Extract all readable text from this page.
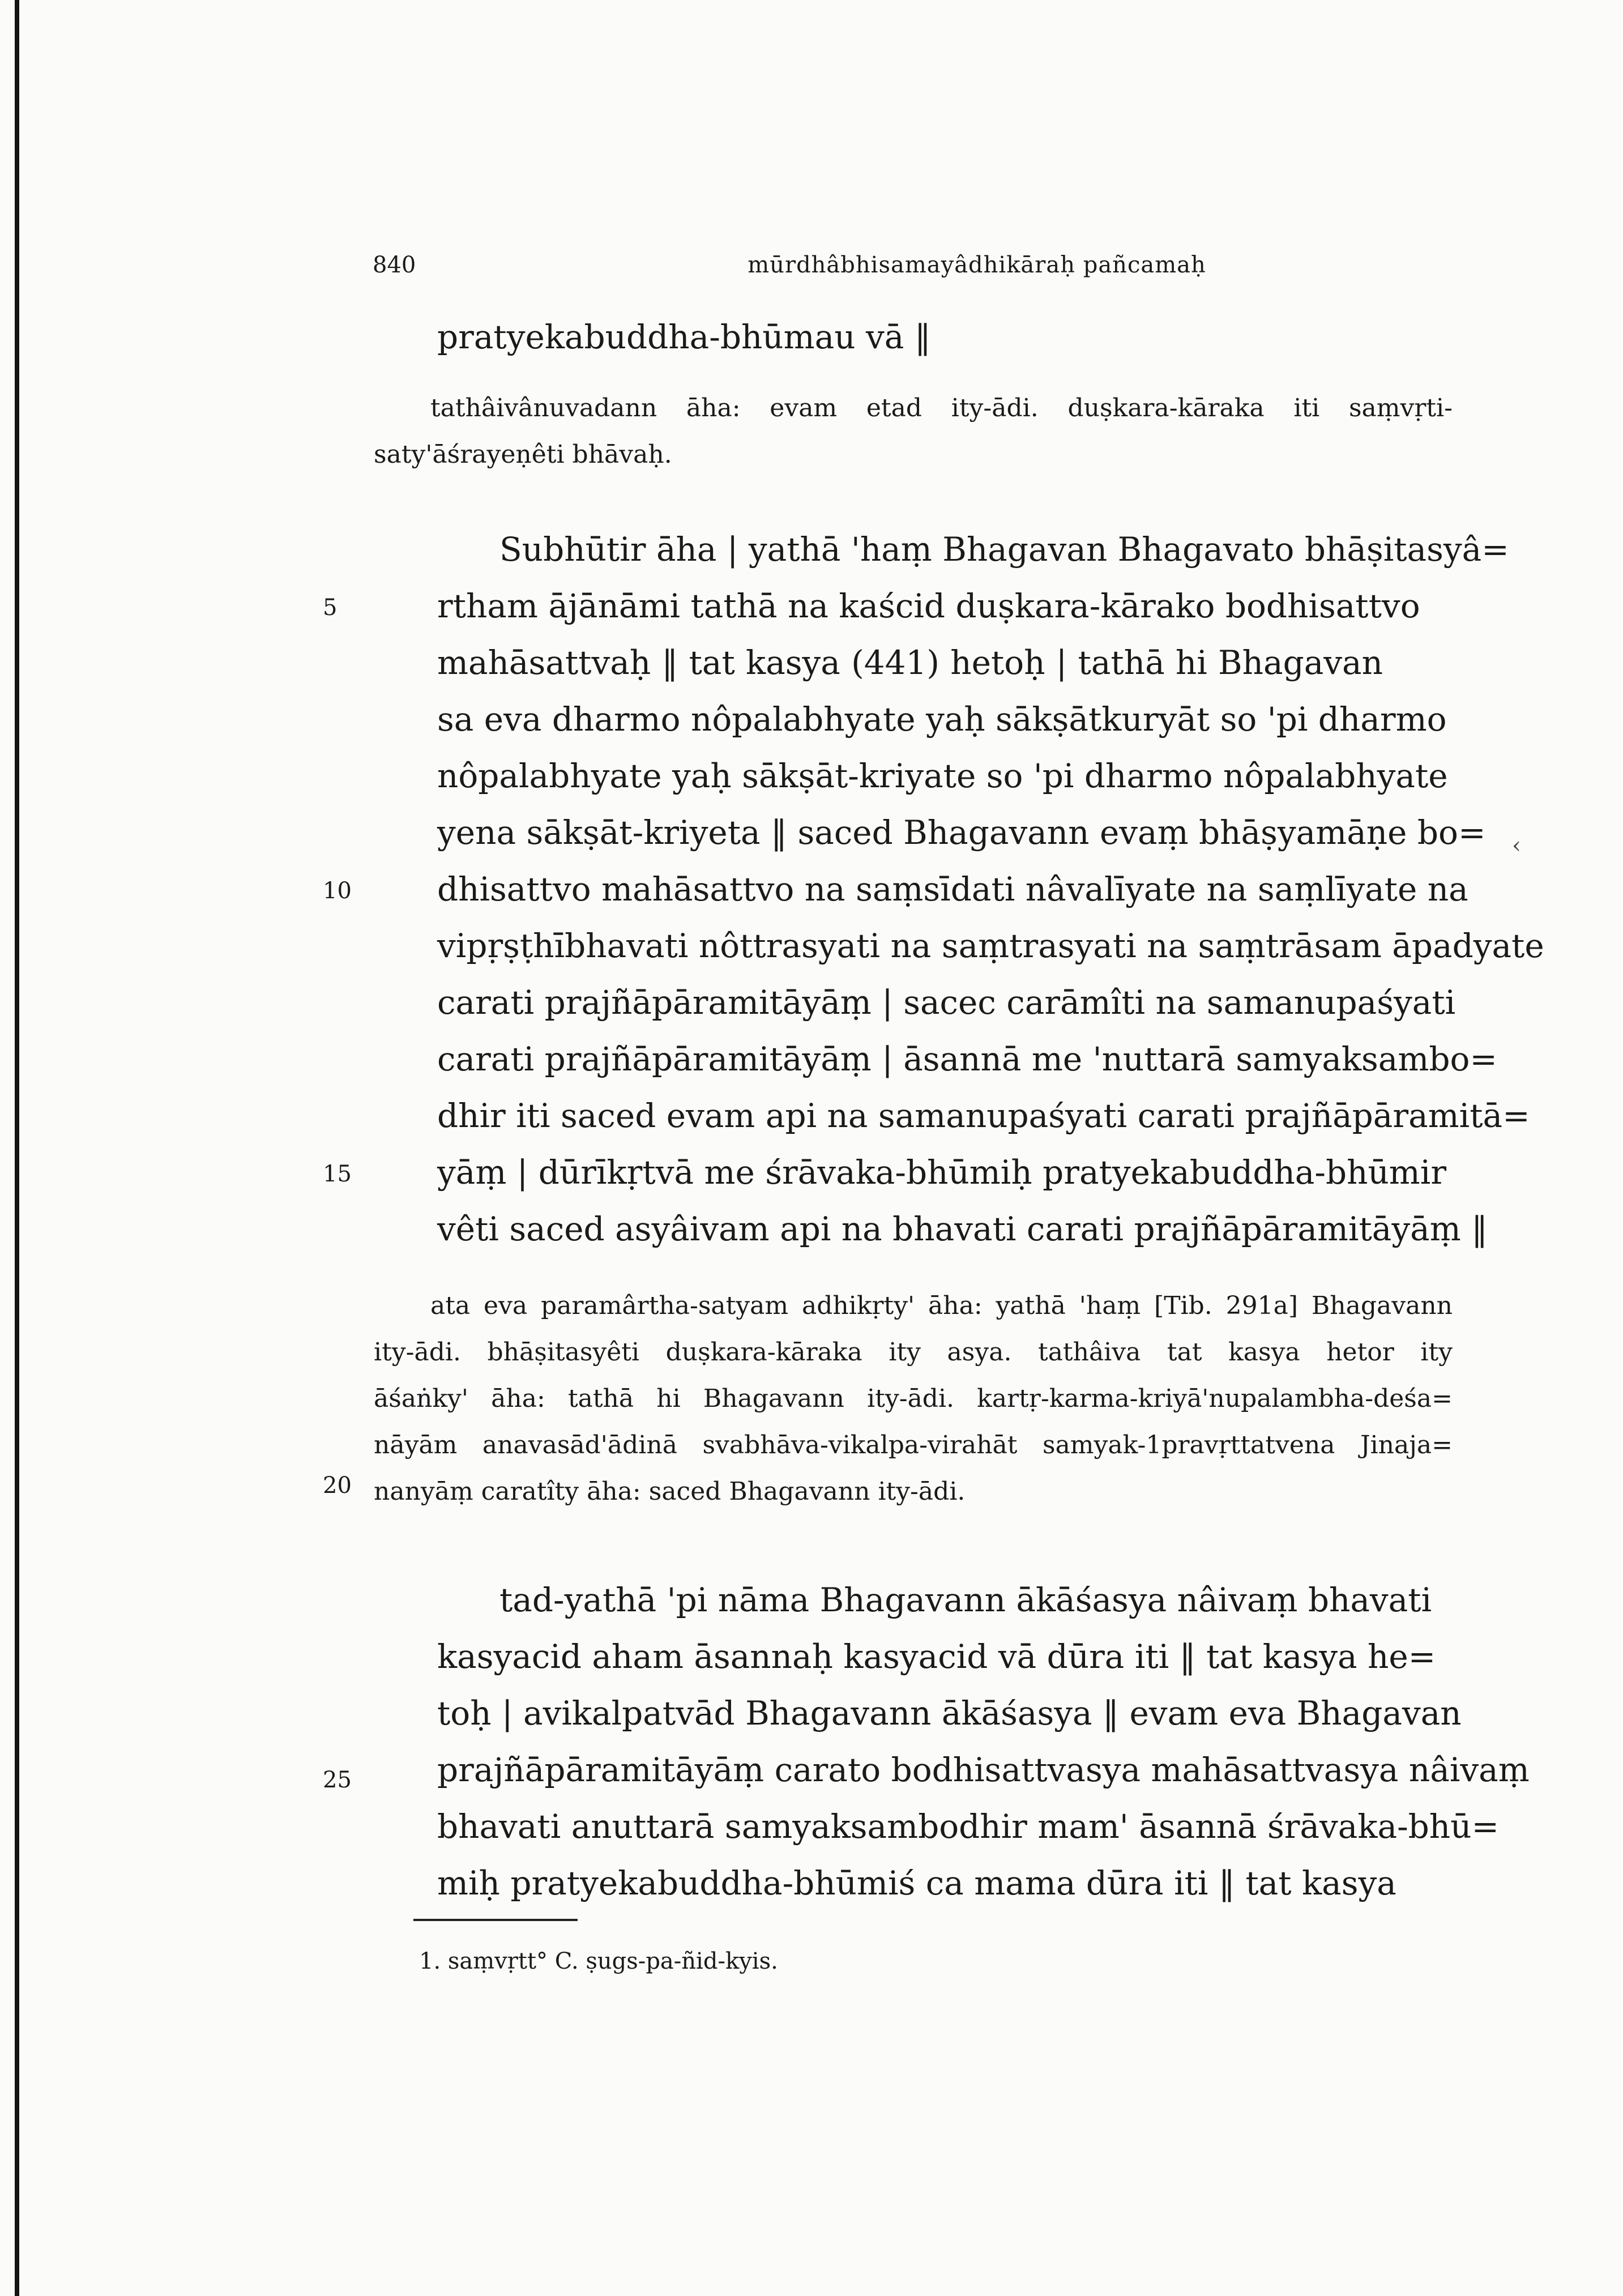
840	mūrdhâbhisamayâdhikāraḥ pañcamaḥ
pratyekabuddha-bhūmau vā ‖
tathâivânuvadann āha: evam etad ity-ādi. duṣkara-kāraka iti saṃvṛti-
saty'āśrayeṇêti bhāvaḥ.
Subhūtir āha | yathā 'haṃ Bhagavan Bhagavato bhāṣitasyâ=
rtham ājānāmi tathā na kaścid duṣkara-kārako bodhisattvo
mahāsattvaḥ ‖ tat kasya (441) hetoḥ | tathā hi Bhagavan
sa eva dharmo nôpalabhyate yaḥ sākṣātkuryāt so 'pi dharmo
nôpalabhyate yaḥ sākṣāt-kriyate so 'pi dharmo nôpalabhyate
yena sākṣāt-kriyeta ‖ saced Bhagavann evaṃ bhāṣyamāṇe bo=
dhisattvo mahāsattvo na saṃsīdati nâvalīyate na saṃlīyate na
vipṛṣṭhībhavati nôttrasyati na saṃtrasyati na saṃtrāsam āpadyate
carati prajñāpāramitāyāṃ | sacec carāmîti na samanupaśyati
carati prajñāpāramitāyāṃ | āsannā me 'nuttarā samyaksambo=
dhir iti saced evam api na samanupaśyati carati prajñāpāramitā=
yāṃ | dūrīkṛtvā me śrāvaka-bhūmiḥ pratyekabuddha-bhūmir
vêti saced asyâivam api na bhavati carati prajñāpāramitāyāṃ ‖
ata eva paramârtha-satyam adhikṛty' āha: yathā 'haṃ [Tib. 291a] Bhagavann
ity-ādi. bhāṣitasyêti duṣkara-kāraka ity asya. tathâiva tat kasya hetor ity
āśaṅky' āha: tathā hi Bhagavann ity-ādi. kartṛ-karma-kriyā'nupalambha-deśa=
nāyām anavasād'ādinā svabhāva-vikalpa-virahāt samyak-1pravṛttatvena Jinaja=
nanyāṃ caratîty āha: saced Bhagavann ity-ādi.
tad-yathā 'pi nāma Bhagavann ākāśasya nâivaṃ bhavati
kasyacid aham āsannaḥ kasyacid vā dūra iti ‖ tat kasya he=
toḥ | avikalpatvād Bhagavann ākāśasya ‖ evam eva Bhagavan
prajñāpāramitāyāṃ carato bodhisattvasya mahāsattvasya nâivaṃ
bhavati anuttarā samyaksambodhir mam' āsannā śrāvaka-bhū=
miḥ pratyekabuddha-bhūmiś ca mama dūra iti ‖ tat kasya
5
10
15
20
25
‹
1. saṃvṛtt° C. ṣugs-pa-ñid-kyis.
